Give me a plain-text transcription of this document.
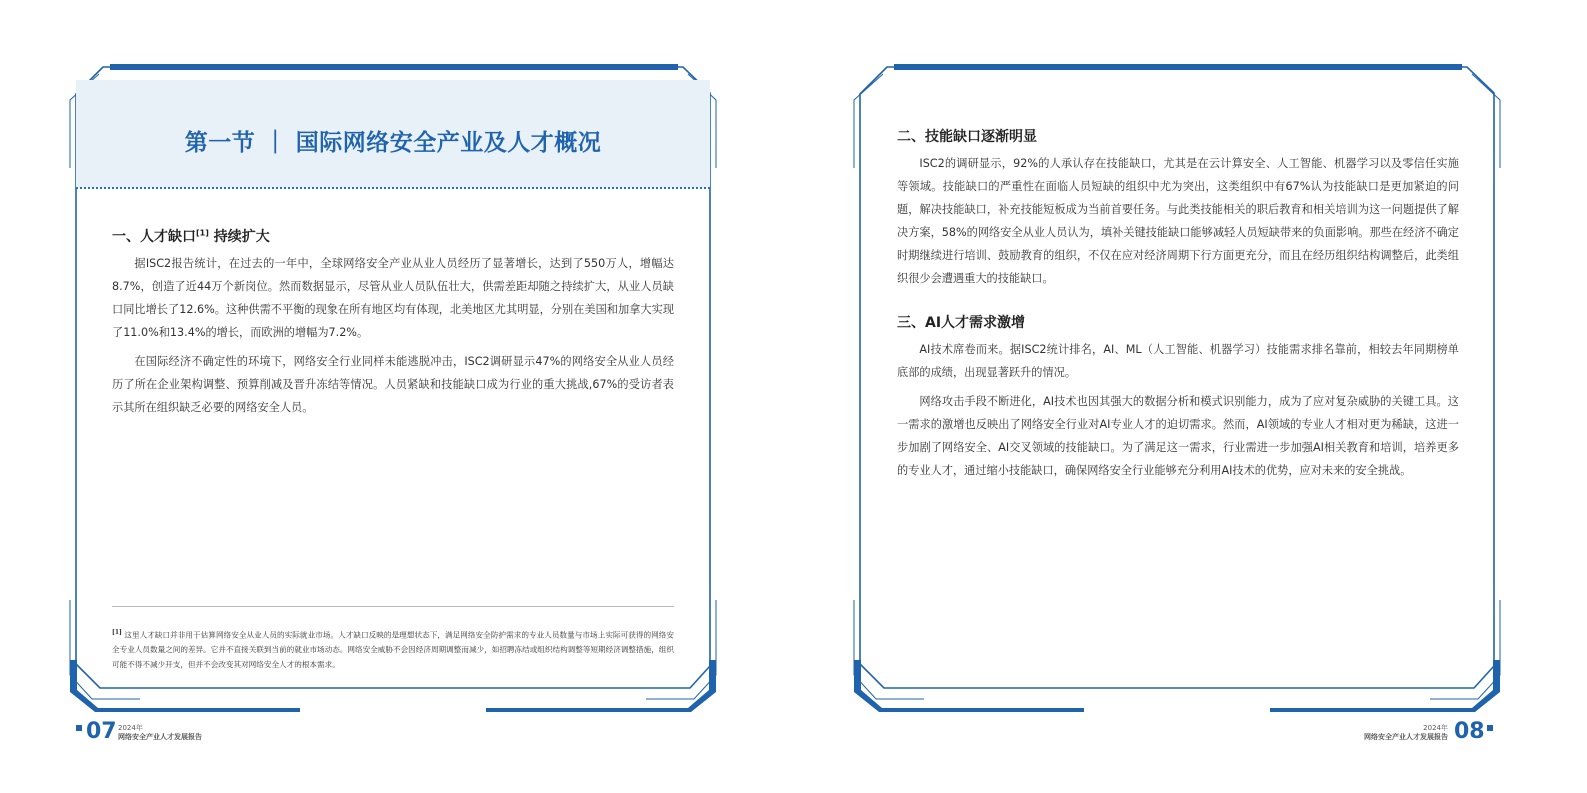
第一节 ｜ 国际网络安全产业及人才概况
一、人才缺口[1] 持续扩大

据ISC2报告统计，在过去的一年中，全球网络安全产业从业人员经历了显著增长，达到了550万人，增幅达8.7%，创造了近44万个新岗位。然而数据显示，尽管从业人员队伍壮大，供需差距却随之持续扩大，从业人员缺口同比增长了12.6%。这种供需不平衡的现象在所有地区均有体现，北美地区尤其明显，分别在美国和加拿大实现了11.0%和13.4%的增长，而欧洲的增幅为7.2%。

在国际经济不确定性的环境下，网络安全行业同样未能逃脱冲击，ISC2调研显示47%的网络安全从业人员经历了所在企业架构调整、预算削减及晋升冻结等情况。人员紧缺和技能缺口成为行业的重大挑战,67%的受访者表示其所在组织缺乏必要的网络安全人员。

[1] 这里人才缺口并非用于估算网络安全从业人员的实际就业市场。人才缺口反映的是理想状态下，满足网络安全防护需求的专业人员数量与市场上实际可获得的网络安全专业人员数量之间的差异。它并不直接关联到当前的就业市场动态。网络安全威胁不会因经济周期调整而减少，如招聘冻结或组织结构调整等短期经济调整措施，组织可能不得不减少开支，但并不会改变其对网络安全人才的根本需求。
07 2024年
网络安全产业人才发展报告
二、技能缺口逐渐明显

ISC2的调研显示，92%的人承认存在技能缺口，尤其是在云计算安全、人工智能、机器学习以及零信任实施等领域。技能缺口的严重性在面临人员短缺的组织中尤为突出，这类组织中有67%认为技能缺口是更加紧迫的问题，解决技能缺口，补充技能短板成为当前首要任务。与此类技能相关的职后教育和相关培训为这一问题提供了解决方案，58%的网络安全从业人员认为，填补关键技能缺口能够减轻人员短缺带来的负面影响。那些在经济不确定时期继续进行培训、鼓励教育的组织，不仅在应对经济周期下行方面更充分，而且在经历组织结构调整后，此类组织很少会遭遇重大的技能缺口。

三、AI人才需求激增

AI技术席卷而来。据ISC2统计排名，AI、ML（人工智能、机器学习）技能需求排名靠前，相较去年同期榜单底部的成绩，出现显著跃升的情况。

网络攻击手段不断进化，AI技术也因其强大的数据分析和模式识别能力，成为了应对复杂威胁的关键工具。这一需求的激增也反映出了网络安全行业对AI专业人才的迫切需求。然而，AI领域的专业人才相对更为稀缺，这进一步加剧了网络安全、AI交叉领域的技能缺口。为了满足这一需求，行业需进一步加强AI相关教育和培训，培养更多的专业人才，通过缩小技能缺口，确保网络安全行业能够充分利用AI技术的优势，应对未来的安全挑战。

2024年
网络安全产业人才发展报告 08
